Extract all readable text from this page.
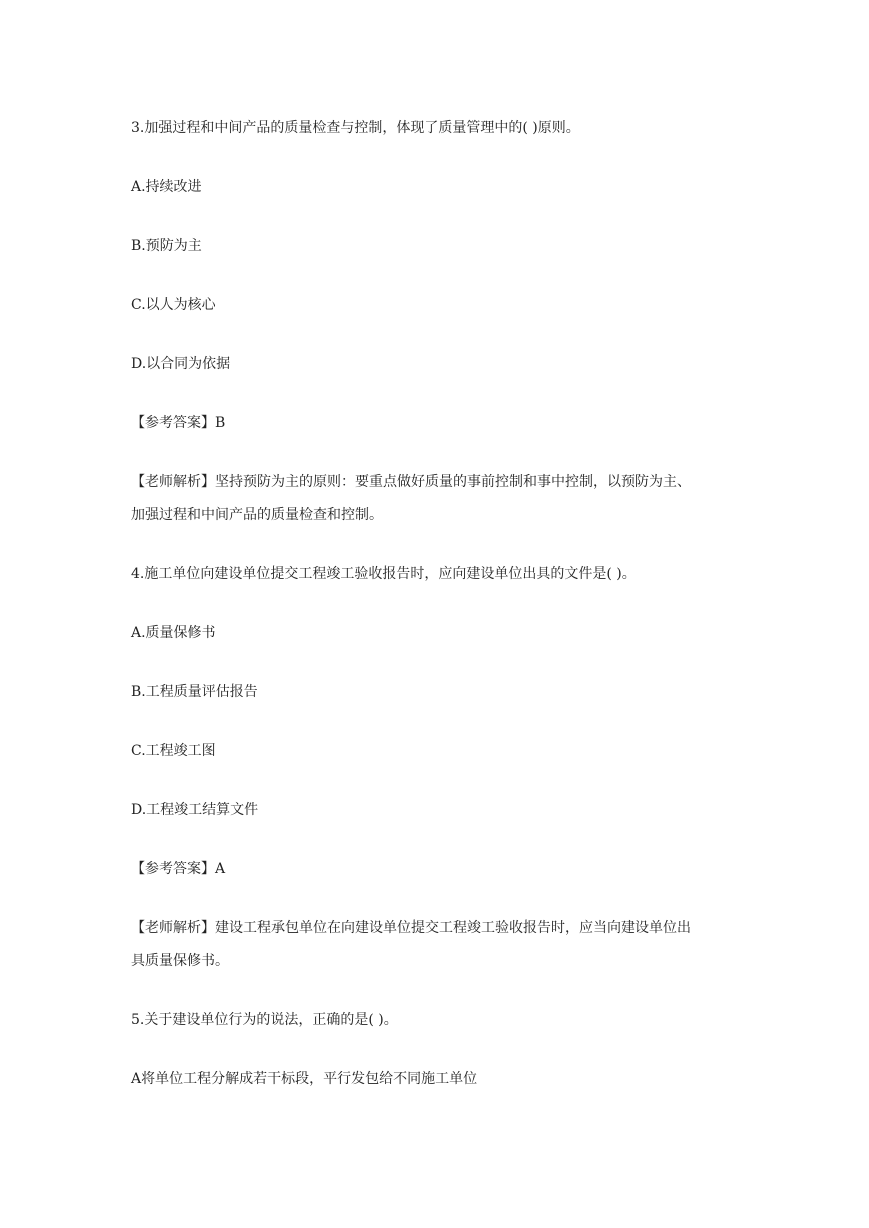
3.加强过程和中间产品的质量检查与控制，体现了质量管理中的( )原则。
A.持续改进
B.预防为主
C.以人为核心
D.以合同为依据
【参考答案】B
【老师解析】坚持预防为主的原则：要重点做好质量的事前控制和事中控制，以预防为主、
加强过程和中间产品的质量检查和控制。
4.施工单位向建设单位提交工程竣工验收报告时，应向建设单位出具的文件是( )。
A.质量保修书
B.工程质量评估报告
C.工程竣工图
D.工程竣工结算文件
【参考答案】A
【老师解析】建设工程承包单位在向建设单位提交工程竣工验收报告时，应当向建设单位出
具质量保修书。
5.关于建设单位行为的说法，正确的是( )。
A将单位工程分解成若干标段，平行发包给不同施工单位
